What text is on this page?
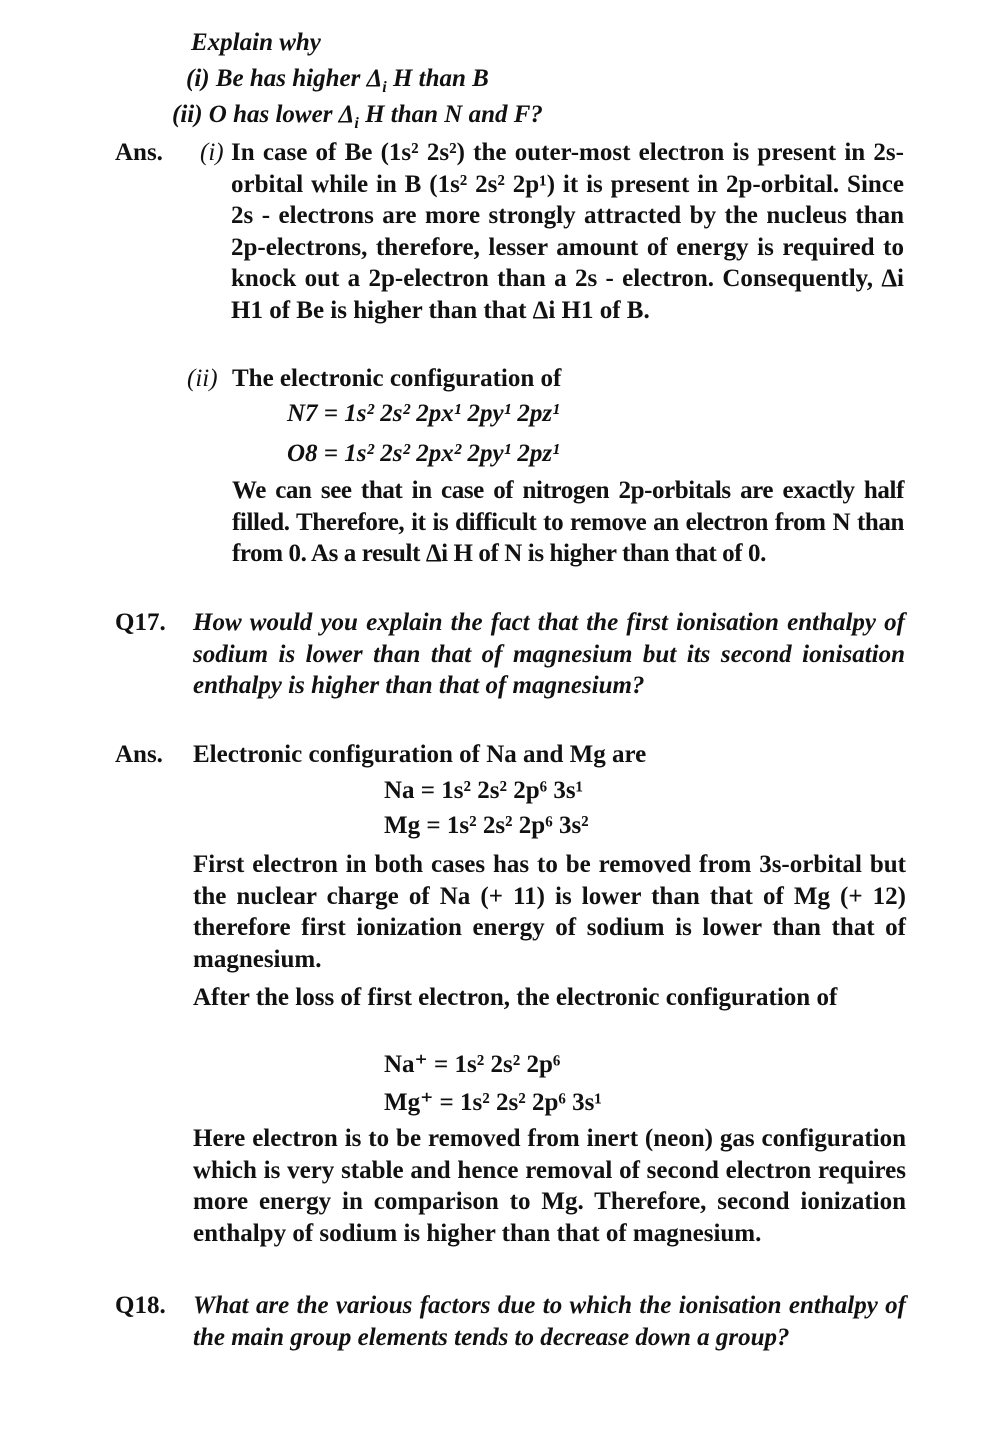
Explain why
(i) Be has higher $\Delta_i$ H than B
(ii) O has lower $\Delta_i$ H than N and F?
Ans. (i) In case of Be (1s² 2s²) the outer-most electron is present in 2s-orbital while in B (1s² 2s² 2p¹) it is present in 2p-orbital. Since 2s - electrons are more strongly attracted by the nucleus than 2p-electrons, therefore, lesser amount of energy is required to knock out a 2p-electron than a 2s - electron. Consequently, Δi H1 of Be is higher than that Δi H1 of B.
(ii) The electronic configuration of
N7 = 1s² 2s² 2px¹ 2py¹ 2pz¹
O8 = 1s² 2s² 2px² 2py¹ 2pz¹
We can see that in case of nitrogen 2p-orbitals are exactly half filled. Therefore, it is difficult to remove an electron from N than from 0. As a result Δi H of N is higher than that of 0.
Q17. How would you explain the fact that the first ionisation enthalpy of sodium is lower than that of magnesium but its second ionisation enthalpy is higher than that of magnesium?
Ans. Electronic configuration of Na and Mg are
Na = 1s² 2s² 2p⁶ 3s¹
Mg = 1s² 2s² 2p⁶ 3s²
First electron in both cases has to be removed from 3s-orbital but the nuclear charge of Na (+ 11) is lower than that of Mg (+ 12) therefore first ionization energy of sodium is lower than that of magnesium.
After the loss of first electron, the electronic configuration of
Na⁺ = 1s² 2s² 2p⁶
Mg⁺ = 1s² 2s² 2p⁶ 3s¹
Here electron is to be removed from inert (neon) gas configuration which is very stable and hence removal of second electron requires more energy in comparison to Mg. Therefore, second ionization enthalpy of sodium is higher than that of magnesium.
Q18. What are the various factors due to which the ionisation enthalpy of the main group elements tends to decrease down a group?
